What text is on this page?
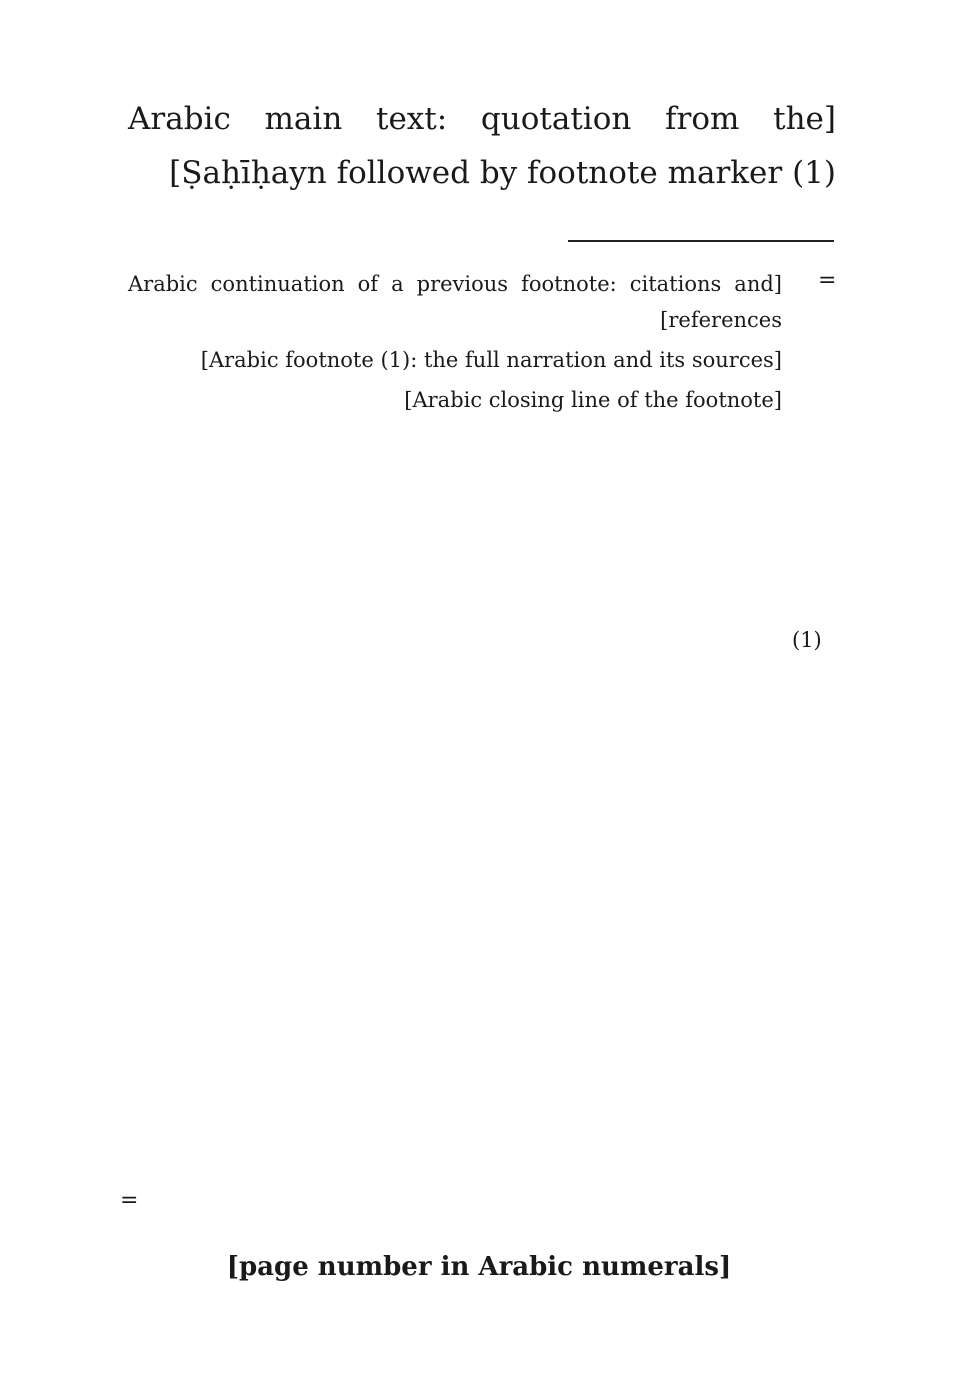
[Arabic main text: quotation from the Ṣaḥīḥayn followed by footnote marker (1)]
=
(1)
[Arabic continuation of a previous footnote: citations and references]
[Arabic footnote (1): the full narration and its sources]
[Arabic closing line of the footnote]
=
[page number in Arabic numerals]
